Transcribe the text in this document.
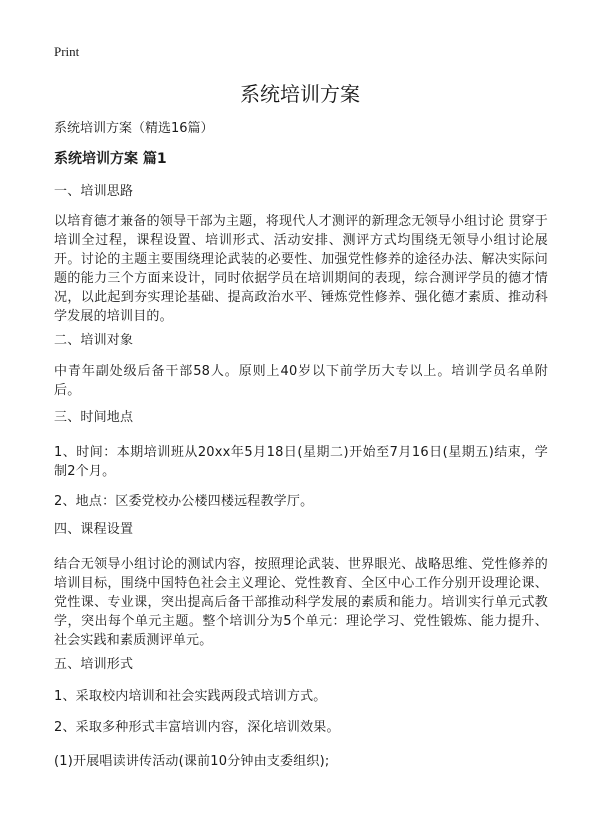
Print
系统培训方案
系统培训方案（精选16篇）
系统培训方案 篇1
一、培训思路

以培育德才兼备的领导干部为主题，将现代人才测评的新理念无领导小组讨论 贯穿于培训全过程，课程设置、培训形式、活动安排、测评方式均围绕无领导小组讨论展开。讨论的主题主要围绕理论武装的必要性、加强党性修养的途径办法、解决实际问题的能力三个方面来设计，同时依据学员在培训期间的表现，综合测评学员的德才情况，以此起到夯实理论基础、提高政治水平、锤炼党性修养、强化德才素质、推动科学发展的培训目的。

二、培训对象

中青年副处级后备干部58人。原则上40岁以下前学历大专以上。培训学员名单附后。

三、时间地点

1、时间：本期培训班从20xx年5月18日(星期二)开始至7月16日(星期五)结束，学制2个月。

2、地点：区委党校办公楼四楼远程教学厅。

四、课程设置

结合无领导小组讨论的测试内容，按照理论武装、世界眼光、战略思维、党性修养的培训目标，围绕中国特色社会主义理论、党性教育、全区中心工作分别开设理论课、党性课、专业课，突出提高后备干部推动科学发展的素质和能力。培训实行单元式教学，突出每个单元主题。整个培训分为5个单元：理论学习、党性锻炼、能力提升、社会实践和素质测评单元。

五、培训形式

1、采取校内培训和社会实践两段式培训方式。

2、采取多种形式丰富培训内容，深化培训效果。

(1)开展唱读讲传活动(课前10分钟由支委组织);
